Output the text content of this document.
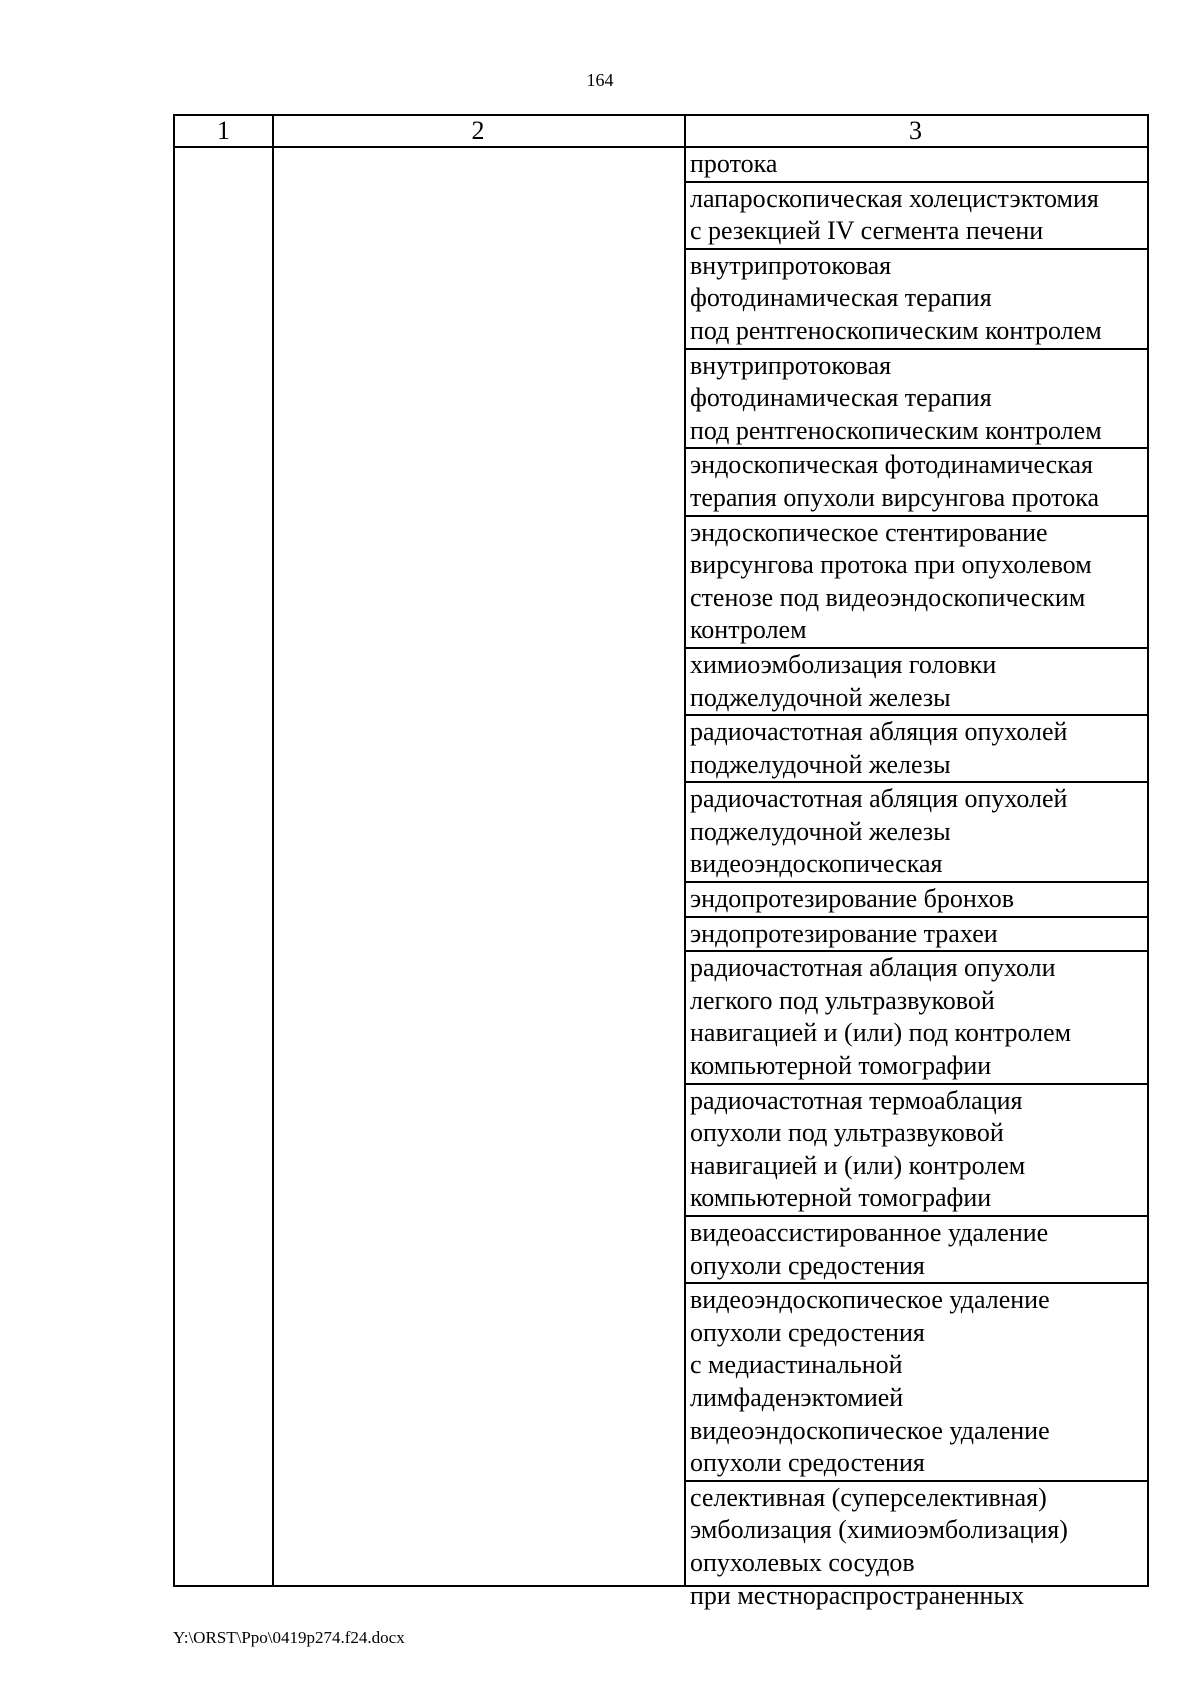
164
1	2	3
протока
лапароскопическая холецистэктомия
с резекцией IV сегмента печени
внутрипротоковая
фотодинамическая терапия
под рентгеноскопическим контролем
внутрипротоковая
фотодинамическая терапия
под рентгеноскопическим контролем
эндоскопическая фотодинамическая
терапия опухоли вирсунгова протока
эндоскопическое стентирование
вирсунгова протока при опухолевом
стенозе под видеоэндоскопическим
контролем
химиоэмболизация головки
поджелудочной железы
радиочастотная абляция опухолей
поджелудочной железы
радиочастотная абляция опухолей
поджелудочной железы
видеоэндоскопическая
эндопротезирование бронхов
эндопротезирование трахеи
радиочастотная аблация опухоли
легкого под ультразвуковой
навигацией и (или) под контролем
компьютерной томографии
радиочастотная термоаблация
опухоли под ультразвуковой
навигацией и (или) контролем
компьютерной томографии
видеоассистированное удаление
опухоли средостения
видеоэндоскопическое удаление
опухоли средостения
с медиастинальной
лимфаденэктомией
видеоэндоскопическое удаление
опухоли средостения
селективная (суперселективная)
эмболизация (химиоэмболизация)
опухолевых сосудов
при местнораспространенных
Y:\ORST\Ppo\0419p274.f24.docx
